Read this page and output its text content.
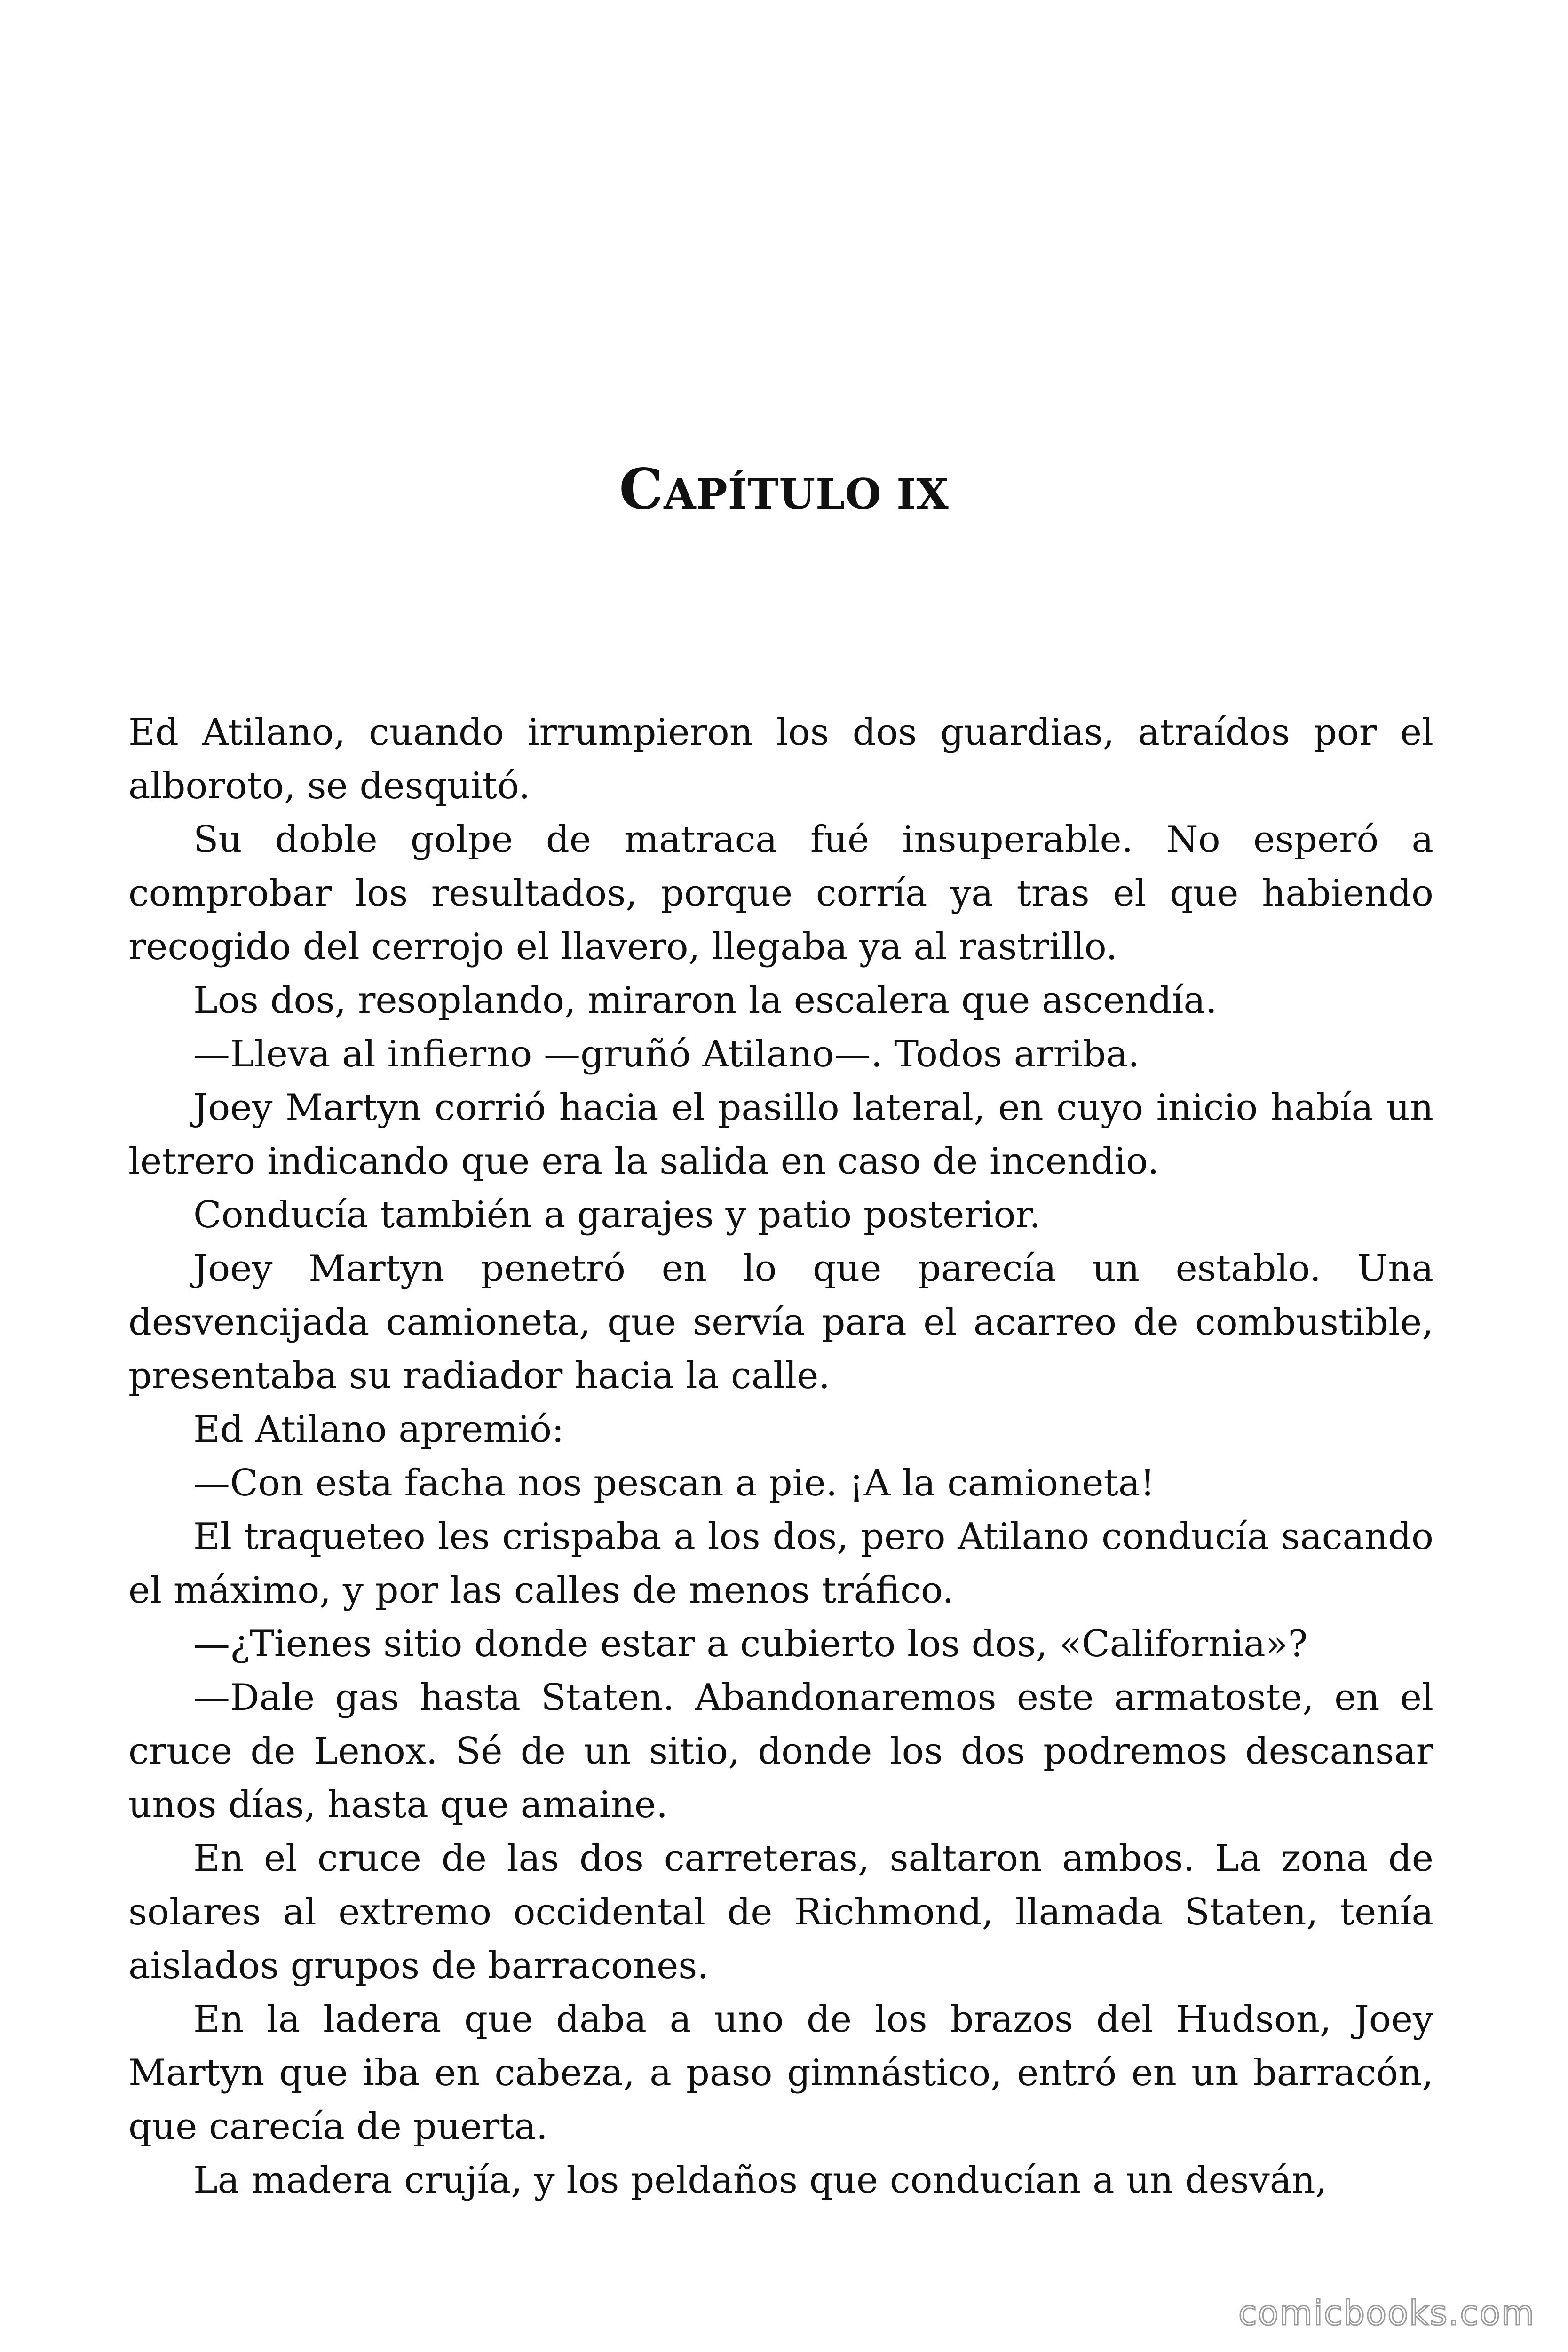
CAPÍTULO IX

Ed Atilano, cuando irrumpieron los dos guardias, atraídos por el alboroto, se desquitó.

Su doble golpe de matraca fué insuperable. No esperó a comprobar los resultados, porque corría ya tras el que habiendo recogido del cerrojo el llavero, llegaba ya al rastrillo.

Los dos, resoplando, miraron la escalera que ascendía.

—Lleva al infierno —gruñó Atilano—. Todos arriba.

Joey Martyn corrió hacia el pasillo lateral, en cuyo inicio había un letrero indicando que era la salida en caso de incendio.

Conducía también a garajes y patio posterior.

Joey Martyn penetró en lo que parecía un establo. Una desvencijada camioneta, que servía para el acarreo de combustible, presentaba su radiador hacia la calle.

Ed Atilano apremió:

—Con esta facha nos pescan a pie. ¡A la camioneta!

El traqueteo les crispaba a los dos, pero Atilano conducía sacando el máximo, y por las calles de menos tráfico.

—¿Tienes sitio donde estar a cubierto los dos, «California»?

—Dale gas hasta Staten. Abandonaremos este armatoste, en el cruce de Lenox. Sé de un sitio, donde los dos podremos descansar unos días, hasta que amaine.

En el cruce de las dos carreteras, saltaron ambos. La zona de solares al extremo occidental de Richmond, llamada Staten, tenía aislados grupos de barracones.

En la ladera que daba a uno de los brazos del Hudson, Joey Martyn que iba en cabeza, a paso gimnástico, entró en un barracón, que carecía de puerta.

La madera crujía, y los peldaños que conducían a un desván,

comicbooks.com
